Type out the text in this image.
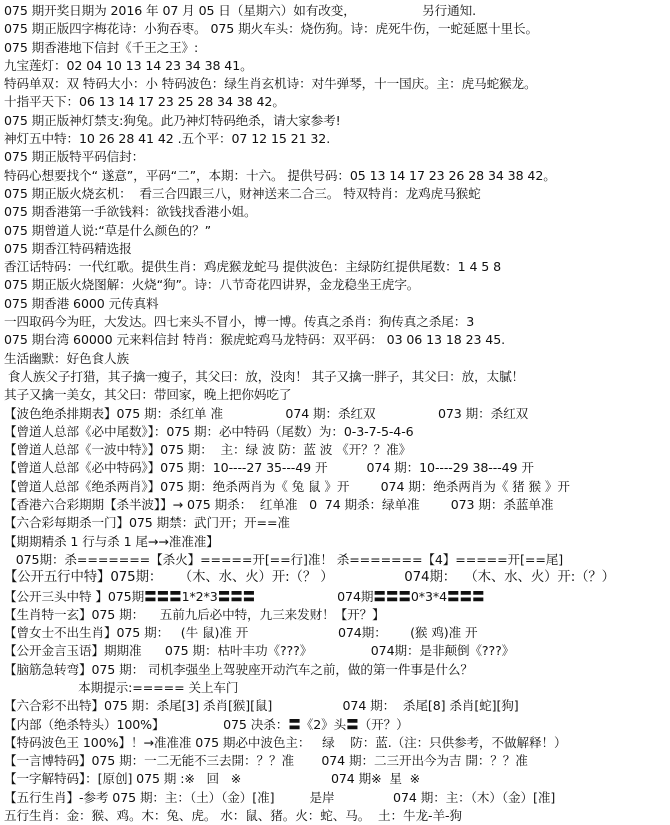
075 期开奖日期为 2016 年 07 月 05 日（星期六）如有改变，                 另行通知.
075 期正版四字梅花诗：小狗吞枣。 075 期火车头：烧伤狗。诗：虎死牛伤，一蛇延愿十里长。
075 期香港地下信封《千王之王》:
九宝莲灯：02 04 10 13 14 23 34 38 41。
特码单双：双 特码大小：小 特码波色：绿生肖玄机诗：对牛弹琴，十一国庆。主：虎马蛇猴龙。
十指平天下：06 13 14 17 23 25 28 34 38 42。
075 期正版神灯禁支:狗兔。此乃神灯特码绝杀，请大家参考!
神灯五中特：10 26 28 41 42 .五个平：07 12 15 21 32.
075 期正版特平码信封：
特码心想要找个“ 遂意”，平码“二”，本期：十六。 提供号码：05 13 14 17 23 26 28 34 38 42。
075 期正版火烧玄机：  看三合四跟三八，财神送来二合三。 特双特肖：龙鸡虎马猴蛇
075 期香港第一手欲钱料：欲钱找香港小姐。
075 期曾道人说:“草是什么颜色的？”
075 期香江特码精选报
香江话特码：一代红歌。提供生肖：鸡虎猴龙蛇马 提供波色：主绿防红提供尾数：1 4 5 8
075 期正版火烧图解：火烧“狗”。诗：八节奇花四讲界，金龙稳坐王虎字。
075 期香港 6000 元传真料
一四取码今为旺，大发达。四七来头不冒小，博一博。传真之杀肖：狗传真之杀尾：3
075 期台湾 60000 元来料信封 特肖：猴虎蛇鸡马龙特码：双平码： 03 06 13 18 23 45.
生活幽默：好色食人族
食人族父子打猎，其子擒一瘦子，其父曰：放，没肉！ 其子又擒一胖子，其父曰：放，太膩！
其子又擒一美女，其父曰：带回家，晚上把你妈吃了
【波色绝杀排期表】075 期：杀红单 准                074 期：杀红双                073 期：杀红双
【曾道人总部《必中尾数》】：075 期：必中特码（尾数）为：0-3-7-5-4-6
【曾道人总部《一波中特》】075 期：  主：绿 波 防：蓝 波 《开？？准》
【曾道人总部《必中特码》】075 期：10----27 35---49 开          074 期：10----29 38---49 开
【曾道人总部《绝杀两肖》】075 期：绝杀两肖为《 兔 鼠 》开        074 期：绝杀两肖为《 猪 猴 》开
【香港六合彩期期【杀半波】】→ 075 期杀：  红单准   0  74 期杀：绿单准        073 期：杀蓝单准
【六合彩每期杀一门】075 期禁：武门开；开==准
【期期精杀 1 行与杀 1 尾→→准准准】
075期：杀=======【杀火】=====开[==行]准！ 杀=======【4】=====开[==尾]
【公开五行中特】075期：    （木、水、火）开:（？ ）                 074期：  （木、水、火）开:（？）
【公开三头中特 】075期〓〓〓1*2*3〓〓〓                     074期〓〓〓0*3*4〓〓〓
【生肖特一玄】075 期：    五前九后必中特，九三来发财！【开？】
【曾女士不出生肖】075 期：   (牛 鼠)准 开                       074期：      (猴 鸡)准 开
【公开金言玉语】期期准      075 期：枯叶丰功《???》               074期：是非颠倒《???》
【脑筋急转弯】075 期： 司机李强坐上驾驶座开动汽车之前，做的第一件事是什么？
本期提示:===== 关上车门
【六合彩不出特】075 期：杀尾[3] 杀肖[猴][鼠]                  074 期：  杀尾[8] 杀肖[蛇][狗]
【内部（绝杀特头）100%】               075 决杀：〓《2》头〓（开？）
【特码波色王 100%】！→准准准 075 期必中波色主：   绿    防：蓝.（注：只供参考，不做解释！）
【一言博特码】075 期：一二无能不三去開：？？准       074 期：二三开出今为吉 開：？？准
【一字解特码】：[原创] 075 期 :※   回   ※                       074 期※  星  ※
【五行生肖】-参考 075 期：主：（土）（金）[准]         是岸               074 期：主：（木）（金）[准]
五行生肖：金：猴、鸡。木：兔、虎。 水：鼠、猪。火：蛇、马。  土：牛龙-羊-狗
